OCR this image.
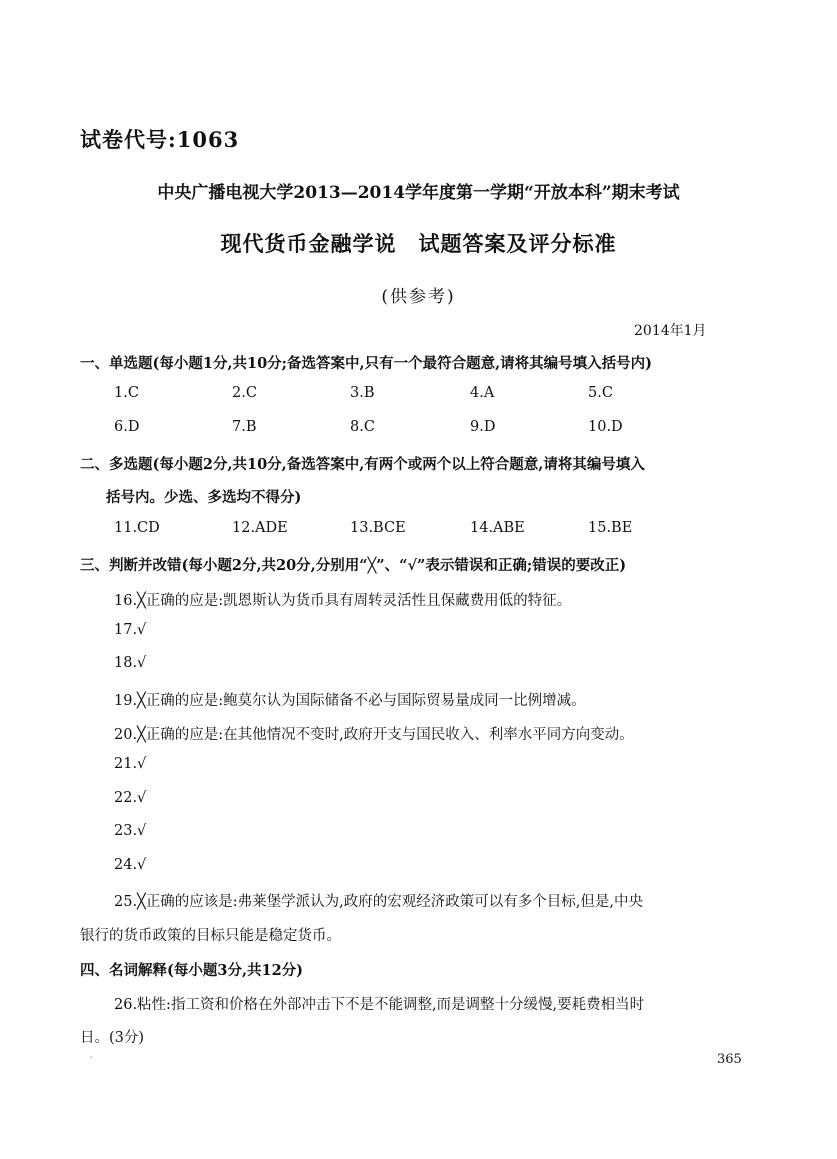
试卷代号:1063
中央广播电视大学2013—2014学年度第一学期“开放本科”期末考试
现代货币金融学说　试题答案及评分标准
(供参考)
2014年1月
一、单选题(每小题1分,共10分;备选答案中,只有一个最符合题意,请将其编号填入括号内)
1.C	2.C	3.B	4.A	5.C
6.D	7.B	8.C	9.D	10.D
二、多选题(每小题2分,共10分,备选答案中,有两个或两个以上符合题意,请将其编号填入
括号内。少选、多选均不得分)
11.CD	12.ADE	13.BCE	14.ABE	15.BE
三、判断并改错(每小题2分,共20分,分别用“╳”、“√”表示错误和正确;错误的要改正)
16.╳正确的应是:凯恩斯认为货币具有周转灵活性且保藏费用低的特征。
17.√
18.√
19.╳正确的应是:鲍莫尔认为国际储备不必与国际贸易量成同一比例增减。
20.╳正确的应是:在其他情况不变时,政府开支与国民收入、利率水平同方向变动。
21.√
22.√
23.√
24.√
25.╳正确的应该是:弗莱堡学派认为,政府的宏观经济政策可以有多个目标,但是,中央
银行的货币政策的目标只能是稳定货币。
四、名词解释(每小题3分,共12分)
26.粘性:指工资和价格在外部冲击下不是不能调整,而是调整十分缓慢,要耗费相当时
日。(3分)
ˊ	365
